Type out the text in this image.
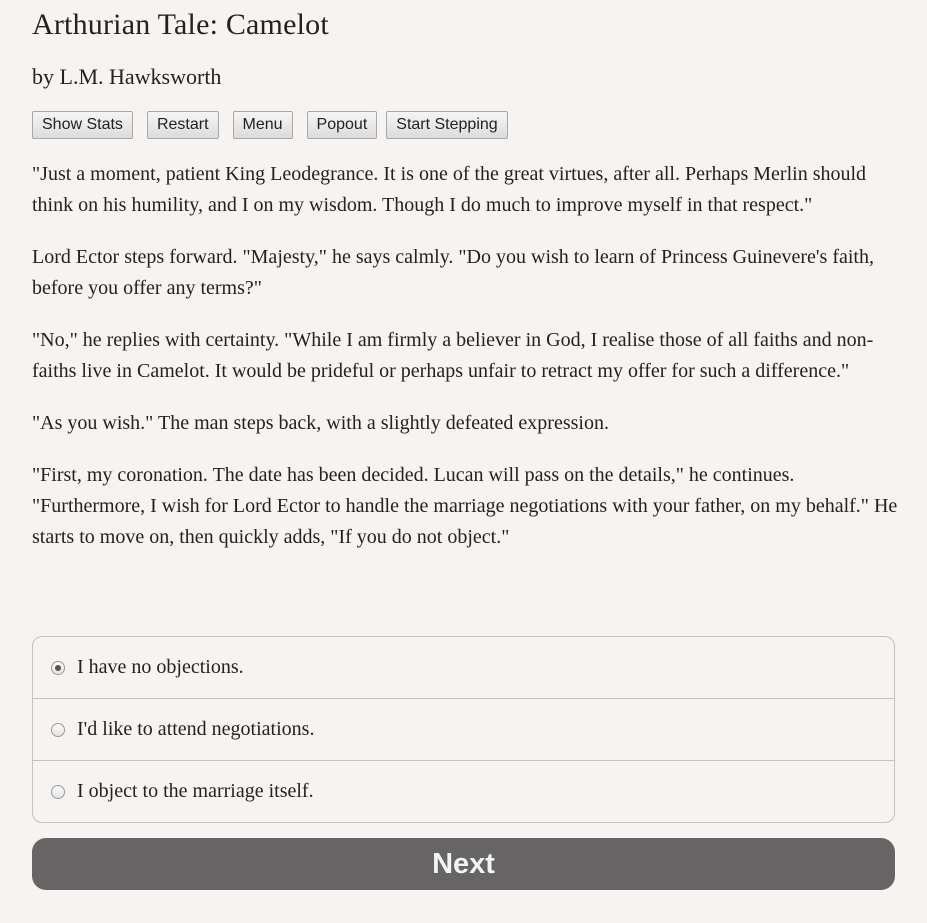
Arthurian Tale: Camelot
by L.M. Hawksworth
Show Stats	Restart	Menu	Popout	Start Stepping

"Just a moment, patient King Leodegrance. It is one of the great virtues, after all. Perhaps Merlin should think on his humility, and I on my wisdom. Though I do much to improve myself in that respect."

Lord Ector steps forward. "Majesty," he says calmly. "Do you wish to learn of Princess Guinevere's faith, before you offer any terms?"

"No," he replies with certainty. "While I am firmly a believer in God, I realise those of all faiths and non-faiths live in Camelot. It would be prideful or perhaps unfair to retract my offer for such a difference."

"As you wish." The man steps back, with a slightly defeated expression.

"First, my coronation. The date has been decided. Lucan will pass on the details," he continues. "Furthermore, I wish for Lord Ector to handle the marriage negotiations with your father, on my behalf." He starts to move on, then quickly adds, "If you do not object."

I have no objections.
I'd like to attend negotiations.
I object to the marriage itself.
Next
